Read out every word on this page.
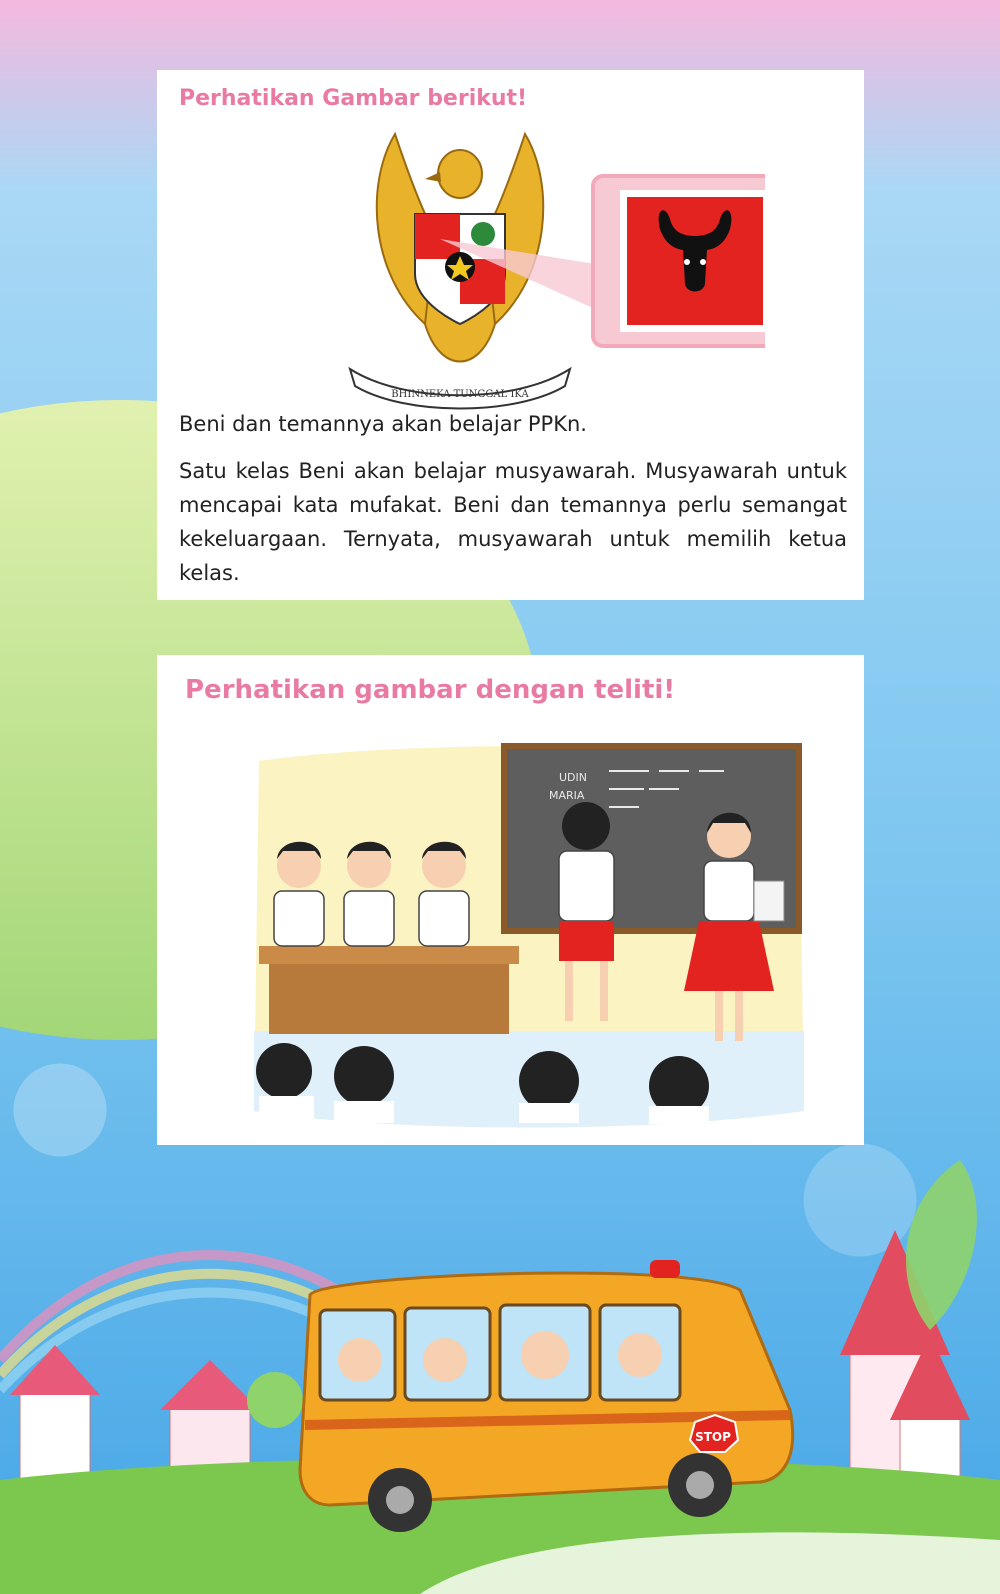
Perhatikan Gambar berikut!
BHINNEKA TUNGGAL IKA
Beni dan temannya akan belajar PPKn.
Satu kelas Beni akan belajar musyawarah. Musyawarah untuk mencapai kata mufakat. Beni dan temannya perlu semangat kekeluargaan. Ternyata, musyawarah untuk memilih ketua kelas.
Perhatikan gambar dengan teliti!
UDIN
MARIA
STOP
